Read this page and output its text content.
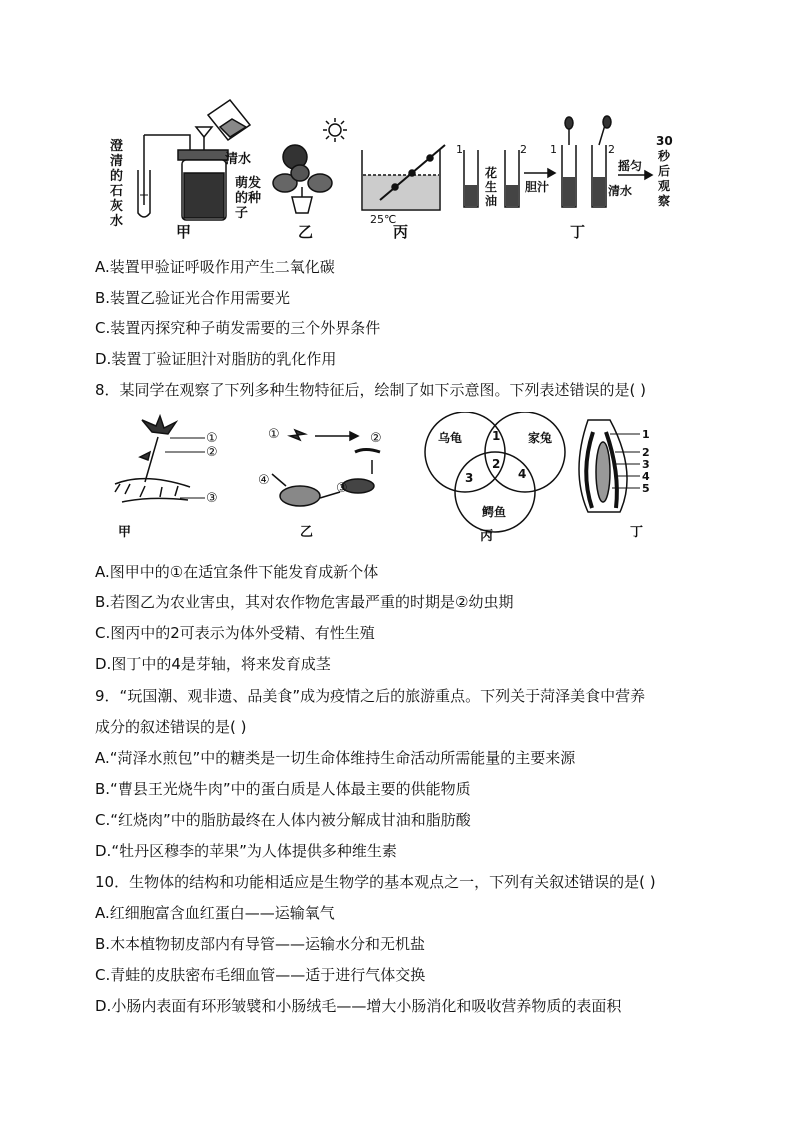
澄
清
的
石
灰
水
清水
萌发
的种
子
甲	乙
25℃
丙
1	2
花
生
油
胆汁
1	2
清水
摇匀
30
秒
后
观
察
丁
A.装置甲验证呼吸作用产生二氧化碳
B.装置乙验证光合作用需要光
C.装置丙探究种子萌发需要的三个外界条件
D.装置丁验证胆汁对脂肪的乳化作用
8．某同学在观察了下列多种生物特征后，绘制了如下示意图。下列表述错误的是( )
①
②
③
甲
①	②
③
④
乙
乌龟	家兔
鳄鱼
1
2
3	4
丙
1
2
3
4
5
丁
A.图甲中的①在适宜条件下能发育成新个体
B.若图乙为农业害虫，其对农作物危害最严重的时期是②幼虫期
C.图丙中的2可表示为体外受精、有性生殖
D.图丁中的4是芽轴，将来发育成茎
9．“玩国潮、观非遗、品美食”成为疫情之后的旅游重点。下列关于菏泽美食中营养
成分的叙述错误的是( )
A.“菏泽水煎包”中的糖类是一切生命体维持生命活动所需能量的主要来源
B.“曹县王光烧牛肉”中的蛋白质是人体最主要的供能物质
C.“红烧肉”中的脂肪最终在人体内被分解成甘油和脂肪酸
D.“牡丹区穆李的苹果”为人体提供多种维生素
10．生物体的结构和功能相适应是生物学的基本观点之一，下列有关叙述错误的是( )
A.红细胞富含血红蛋白——运输氧气
B.木本植物韧皮部内有导管——运输水分和无机盐
C.青蛙的皮肤密布毛细血管——适于进行气体交换
D.小肠内表面有环形皱襞和小肠绒毛——增大小肠消化和吸收营养物质的表面积
